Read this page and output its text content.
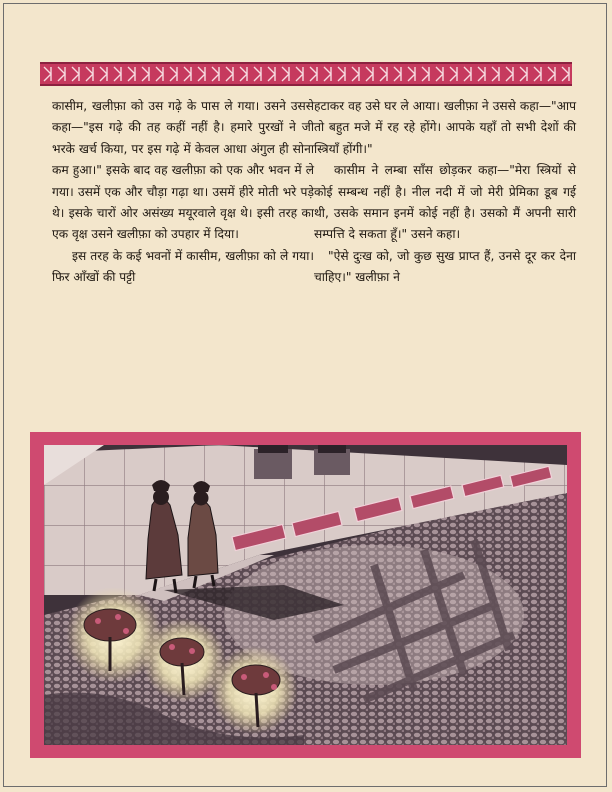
कासीम, खलीफ़ा को उस गढ़े के पास ले गया। उसने उससे कहा—"इस गढ़े की तह कहीं नहीं है। हमारे पुरखों ने जी भरके खर्च किया, पर इस गढ़े में केवल आधा अंगुल ही सोना कम हुआ।" इसके बाद वह खलीफ़ा को एक और भवन में ले गया। उसमें एक और चौड़ा गढ़ा था। उसमें हीरे मोती भरे पड़े थे। इसके चारों ओर असंख्य मयूरवाले वृक्ष थे। इसी तरह का एक वृक्ष उसने खलीफ़ा को उपहार में दिया।

इस तरह के कई भवनों में कासीम, खलीफ़ा को ले गया। फिर आँखों की पट्टी

हटाकर वह उसे घर ले आया। खलीफ़ा ने उससे कहा—"आप तो बहुत मजे में रह रहे होंगे। आपके यहाँ तो सभी देशों की स्त्रियाँ होंगी।"

कासीम ने लम्बा साँस छोड़कर कहा—"मेरा स्त्रियों से कोई सम्बन्ध नहीं है। नील नदी में जो मेरी प्रेमिका डूब गई थी, उसके समान इनमें कोई नहीं है। उसको मैं अपनी सारी सम्पत्ति दे सकता हूँ।" उसने कहा।

"ऐसे दुःख को, जो कुछ सुख प्राप्त हैं, उनसे दूर कर देना चाहिए।" खलीफ़ा ने
